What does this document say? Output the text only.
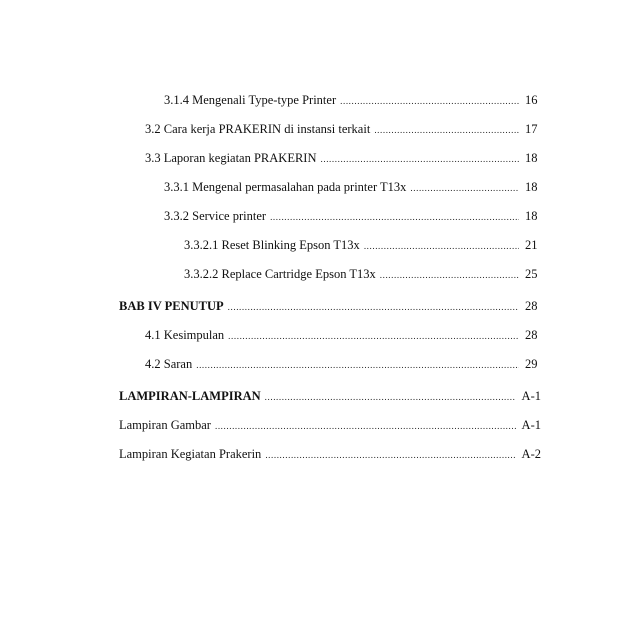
3.1.4 Mengenali Type-type Printer .....	16
3.2 Cara kerja PRAKERIN di instansi terkait .....	17
3.3 Laporan kegiatan PRAKERIN .....	18
3.3.1 Mengenal permasalahan pada printer T13x .....	18
3.3.2 Service printer .....	18
3.3.2.1 Reset Blinking Epson T13x .....	21
3.3.2.2 Replace Cartridge Epson T13x .....	25
BAB IV PENUTUP .....	28
4.1 Kesimpulan .....	28
4.2 Saran .....	29
LAMPIRAN-LAMPIRAN .....	A-1
Lampiran Gambar .....	A-1
Lampiran Kegiatan Prakerin .....	A-2
